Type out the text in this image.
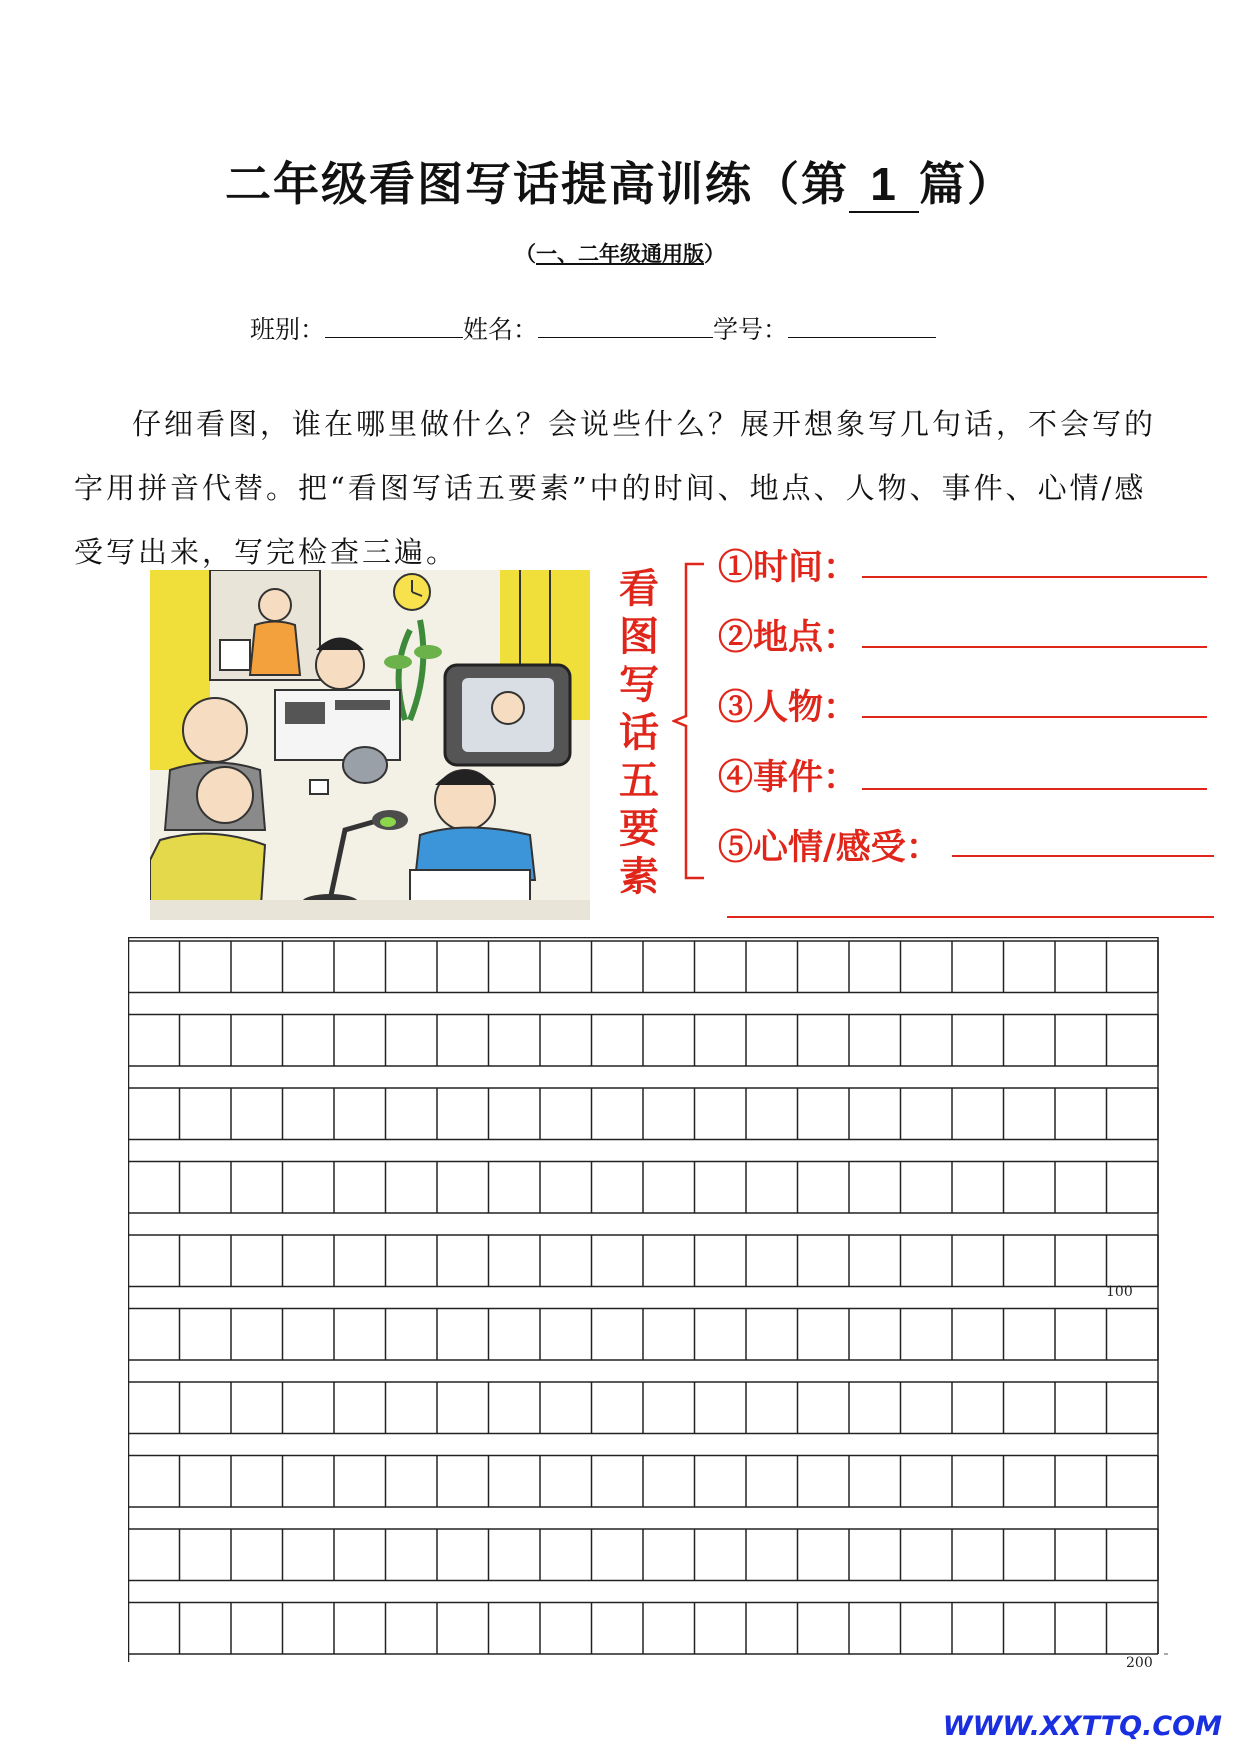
二年级看图写话提高训练（第 1 篇）
（一、二年级通用版）
班别：	姓名：	学号：
仔细看图，谁在哪里做什么？会说些什么？展开想象写几句话，不会写的字用拼音代替。把“看图写话五要素”中的时间、地点、人物、事件、心情/感受写出来，写完检查三遍。
看
图
写
话
五
要
素
①时间：
②地点：
③人物：
④事件：
⑤心情/感受：
100
200
WWW.XXTTQ.COM
